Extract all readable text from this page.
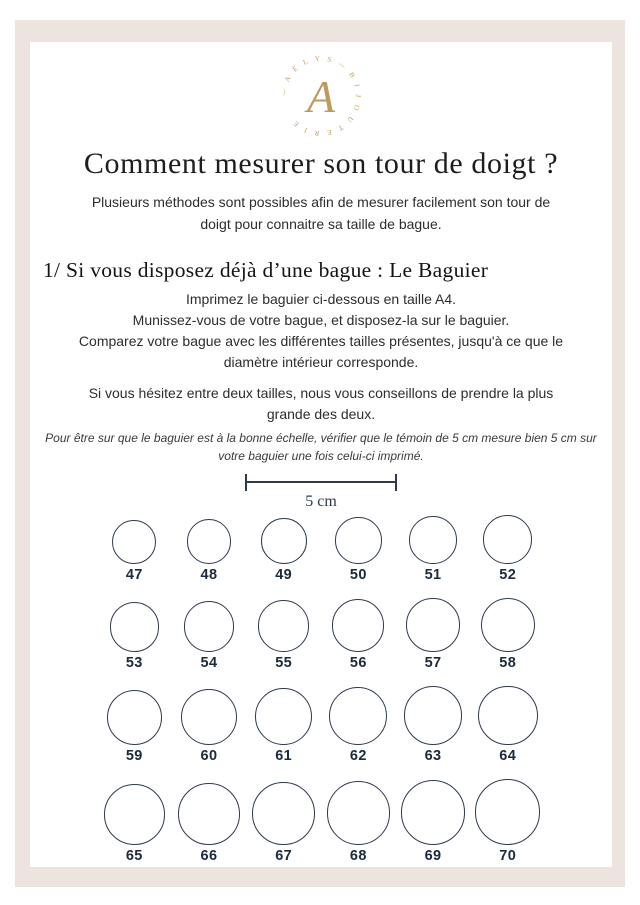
— A É L Y S — B I J O U T E R I E
A
Comment mesurer son tour de doigt ?
Plusieurs méthodes sont possibles afin de mesurer facilement son tour de
doigt pour connaitre sa taille de bague.
1/ Si vous disposez déjà d’une bague : Le Baguier
Imprimez le baguier ci-dessous en taille A4.
Munissez-vous de votre bague, et disposez-la sur le baguier.
Comparez votre bague avec les différentes tailles présentes, jusqu'à ce que le
diamètre intérieur corresponde.
Si vous hésitez entre deux tailles, nous vous conseillons de prendre la plus
grande des deux.
Pour être sur que le baguier est à la bonne échelle, vérifier que le témoin de 5 cm mesure bien 5 cm sur
votre baguier une fois celui-ci imprimé.
5 cm
47	48	49	50	51	52
53	54	55	56	57	58
59	60	61	62	63	64
65	66	67	68	69	70
